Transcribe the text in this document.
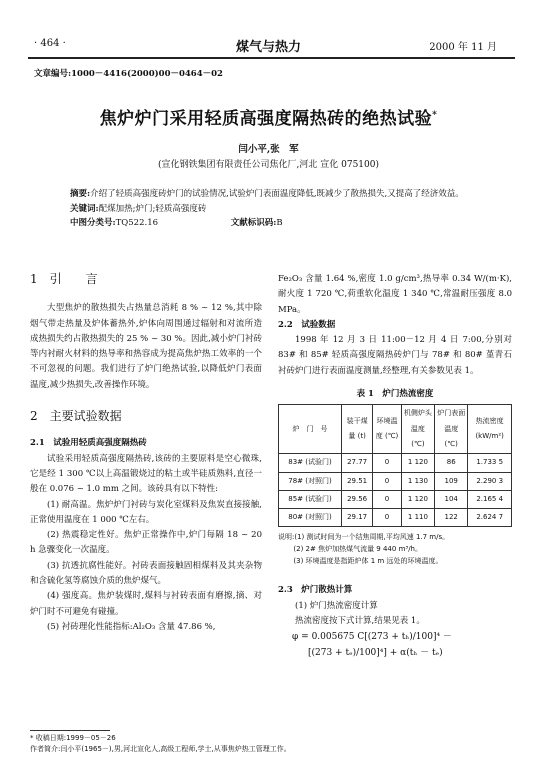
· 464 ·	煤气与热力	2000 年 11 月
文章编号:1000－4416(2000)00－0464－02
焦炉炉门采用轻质高强度隔热砖的绝热试验*
闫小平,张　军
(宣化钢铁集团有限责任公司焦化厂,河北 宣化 075100)
摘要:介绍了轻质高强度砖炉门的试验情况,试验炉门表面温度降低,既减少了散热损失,又提高了经济效益。
关键词:配煤加热;炉门;轻质高强度砖
中图分类号:TQ522.16	文献标识码:B
1　引　　言

大型焦炉的散热损失占热量总消耗 8 % ~ 12 %,其中除烟气带走热量及炉体蓄热外,炉体向周围通过辐射和对流所造成热损失约占散热损失的 25 % ~ 30 %。因此,减小炉门衬砖等内衬耐火材料的热导率和热容成为提高焦炉热工效率的一个不可忽视的问题。我们进行了炉门绝热试验,以降低炉门表面温度,减少热损失,改善操作环境。

2　主要试验数据
2.1　试验用轻质高强度隔热砖

试验采用轻质高强度隔热砖,该砖的主要原料是空心微珠,它是经 1 300 ℃以上高温锻烧过的粘土或半硅质熟料,直径一般在 0.076 ~ 1.0 mm 之间。该砖具有以下特性:

(1) 耐高温。焦炉炉门衬砖与炭化室煤料及焦炭直接接触,正常使用温度在 1 000 ℃左右。

(2) 热震稳定性好。焦炉正常操作中,炉门每隔 18 ~ 20 h 急骤变化一次温度。

(3) 抗透抗腐性能好。衬砖表面接触固相煤料及其夹杂物和含硫化氢等腐蚀介质的焦炉煤气。

(4) 强度高。焦炉装煤时,煤料与衬砖表面有磨擦,摘、对炉门时不可避免有碰撞。

(5) 衬砖理化性能指标:Al₂O₃ 含量 47.86 %,

* 收稿日期:1999－05－26
作者简介:闫小平(1965－),男,河北宣化人,高级工程师,学士,从事焦炉热工管理工作。

Fe₂O₃ 含量 1.64 %,密度 1.0 g/cm³,热导率 0.34 W/(m·K),耐火度 1 720 ℃,荷重软化温度 1 340 ℃,常温耐压强度 8.0 MPa。

2.2　试验数据

1998 年 12 月 3 日 11:00－12 月 4 日 7:00,分别对 83# 和 85# 轻质高强度隔热砖炉门与 78# 和 80# 堇青石衬砖炉门进行表面温度测量,经整理,有关参数见表 1。

表 1　炉门热流密度
炉　门　号	装干煤量 (t)	环境温度 (℃)	机侧炉头温度 (℃)	炉门表面温度 (℃)	热流密度 (kW/m²)
83# (试验门)	27.77	0	1 120	86	1.733 5
78# (对照门)	29.51	0	1 130	109	2.290 3
85# (试验门)	29.56	0	1 120	104	2.165 4
80# (对照门)	29.17	0	1 110	122	2.624 7
说明:(1) 测试时间为一个结焦周期,平均风速 1.7 m/s。
(2) 2# 焦炉加热煤气流量 9 440 m³/h。
(3) 环境温度是指距炉体 1 m 远处的环境温度。
2.3　炉门散热计算

(1) 炉门热流密度计算

热流密度按下式计算,结果见表 1。

φ = 0.005675 C[(273 + tₕ)/100]⁴ －
[(273 + tₑ)/100]⁴] + α(tₕ － tₑ)
